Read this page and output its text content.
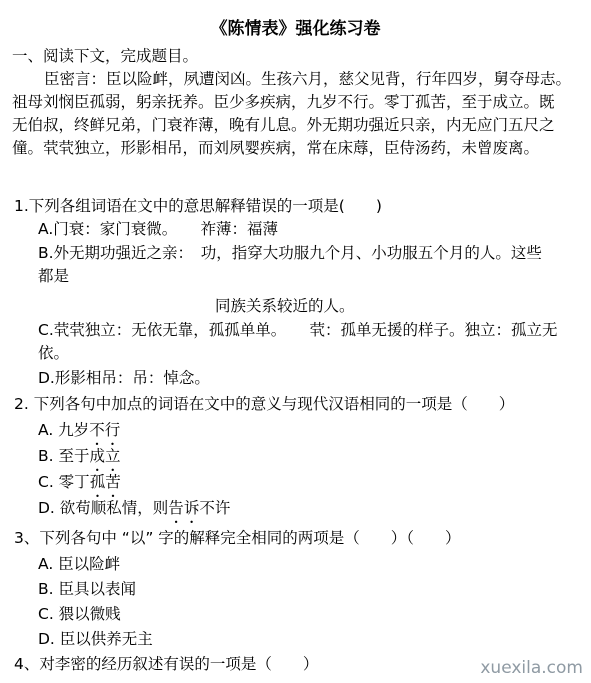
《陈情表》强化练习卷
一、阅读下文，完成题目。
臣密言：臣以险衅，夙遭闵凶。生孩六月，慈父见背，行年四岁，舅夺母志。
祖母刘悯臣孤弱，躬亲抚养。臣少多疾病，九岁不行。零丁孤苦，至于成立。既
无伯叔，终鲜兄弟，门衰祚薄，晚有儿息。外无期功强近只亲，内无应门五尺之
僮。茕茕独立，形影相吊，而刘夙婴疾病，常在床蓐，臣侍汤药，未曾废离。
1.下列各组词语在文中的意思解释错误的一项是(　　)
A.门衰：家门衰微。　　祚薄：福薄
B.外无期功强近之亲：　功，指穿大功服九个月、小功服五个月的人。这些
都是
同族关系较近的人。
C.茕茕独立：无依无靠，孤孤单单。　　茕：孤单无援的样子。独立：孤立无
依。
D.形影相吊：吊：悼念。
2. 下列各句中加点的词语在文中的意义与现代汉语相同的一项是（　　）
A. 九岁不行
B. 至于成立
C. 零丁孤苦
D. 欲苟顺私情，则告诉不许
3、下列各句中 “以” 字的解释完全相同的两项是（　　）（　　）
A. 臣以险衅
B. 臣具以表闻
C. 猥以微贱
D. 臣以供养无主
4、对李密的经历叙述有误的一项是（　　）	xuexila.com
